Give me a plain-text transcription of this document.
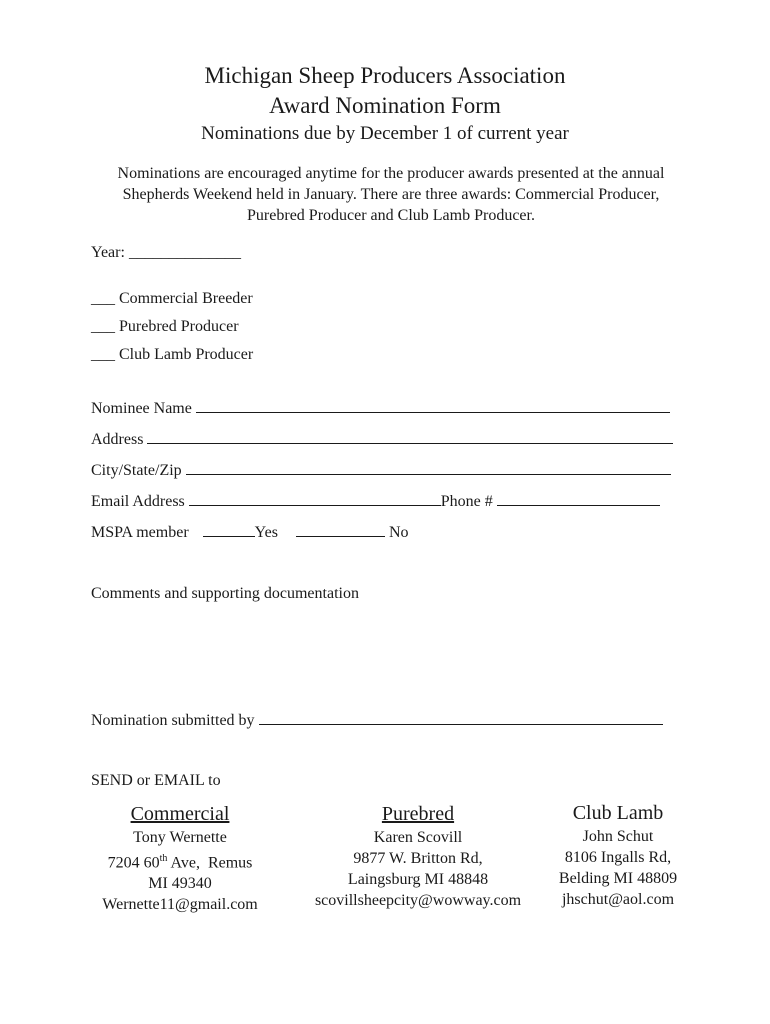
Michigan Sheep Producers Association
Award Nomination Form
Nominations due by December 1 of current year
Nominations are encouraged anytime for the producer awards presented at the annual
Shepherds Weekend held in January. There are three awards: Commercial Producer,
Purebred Producer and Club Lamb Producer.
Year: ______________
___ Commercial Breeder
___ Purebred Producer
___ Club Lamb Producer
Nominee Name
Address
City/State/Zip
Email Address	Phone #
MSPA member	Yes	No
Comments and supporting documentation
Nomination submitted by
SEND or EMAIL to
Commercial
Tony Wernette
7204 60th Ave,  Remus
MI 49340
Wernette11@gmail.com
Purebred
Karen Scovill
9877 W. Britton Rd,
Laingsburg MI 48848
scovillsheepcity@wowway.com
Club Lamb
John Schut
8106 Ingalls Rd,
Belding MI 48809
jhschut@aol.com
